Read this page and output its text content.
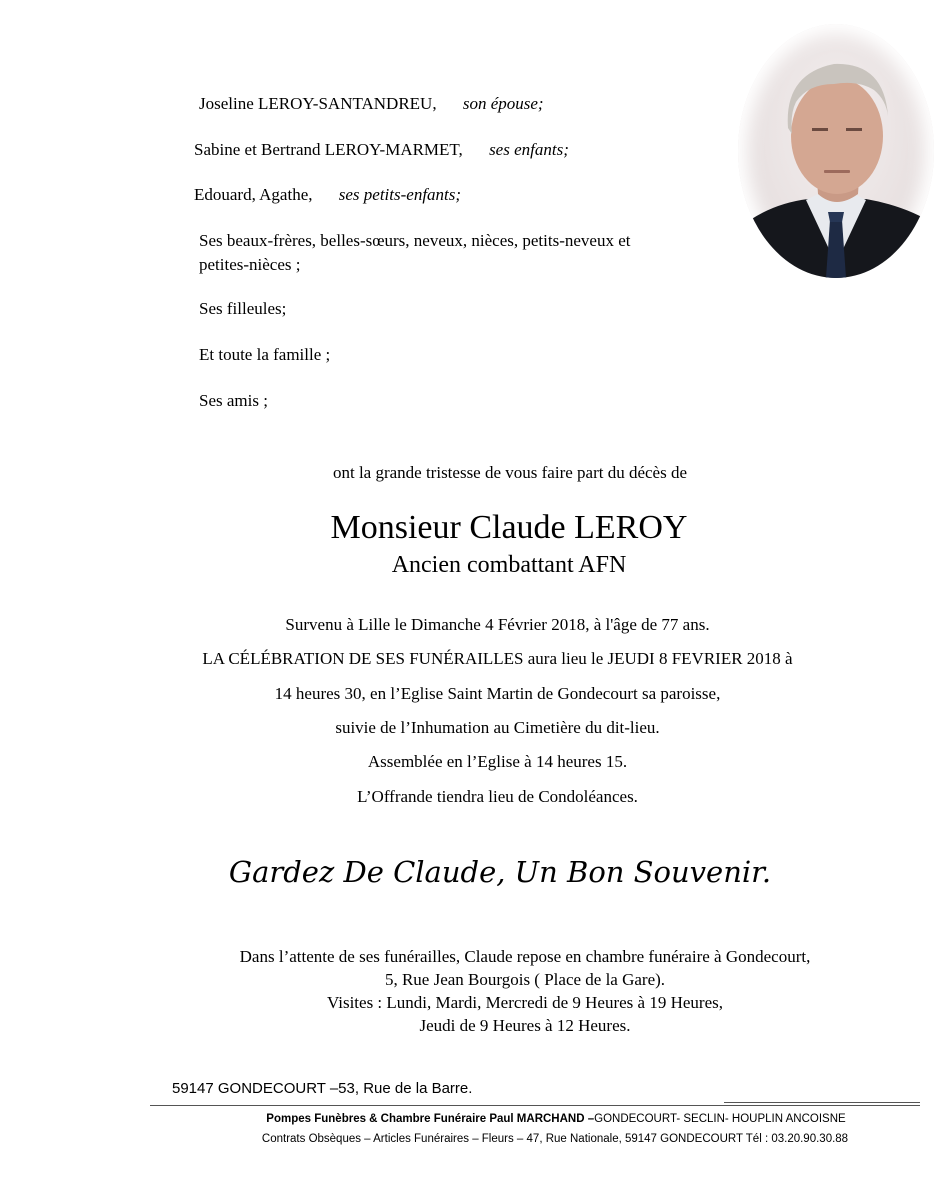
Joseline LEROY-SANTANDREU, son épouse;
Sabine et Bertrand LEROY-MARMET, ses enfants;
Edouard, Agathe, ses petits-enfants;
Ses beaux-frères, belles-sœurs, neveux, nièces, petits-neveux et
petites-nièces ;
Ses filleules;
Et toute la famille ;
Ses amis ;
ont la grande tristesse de vous faire part du décès de
Monsieur Claude LEROY
Ancien combattant AFN
Survenu à Lille le Dimanche 4 Février 2018, à l'âge de 77 ans.
LA CÉLÉBRATION DE SES FUNÉRAILLES aura lieu le JEUDI 8 FEVRIER 2018 à
14 heures 30, en l’Eglise Saint Martin de Gondecourt sa paroisse,
suivie de l’Inhumation au Cimetière du dit-lieu.
Assemblée en l’Eglise à 14 heures 15.
L’Offrande tiendra lieu de Condoléances.
Gardez De Claude, Un Bon Souvenir.
Dans l’attente de ses funérailles, Claude repose en chambre funéraire à Gondecourt,
5, Rue Jean Bourgois ( Place de la Gare).
Visites : Lundi, Mardi, Mercredi de 9 Heures à 19 Heures,
Jeudi de 9 Heures à 12 Heures.
59147 GONDECOURT –53, Rue de la Barre.
Pompes Funèbres & Chambre Funéraire Paul MARCHAND –GONDECOURT- SECLIN- HOUPLIN ANCOISNE
Contrats Obsèques – Articles Funéraires – Fleurs – 47, Rue Nationale, 59147 GONDECOURT Tél : 03.20.90.30.88
